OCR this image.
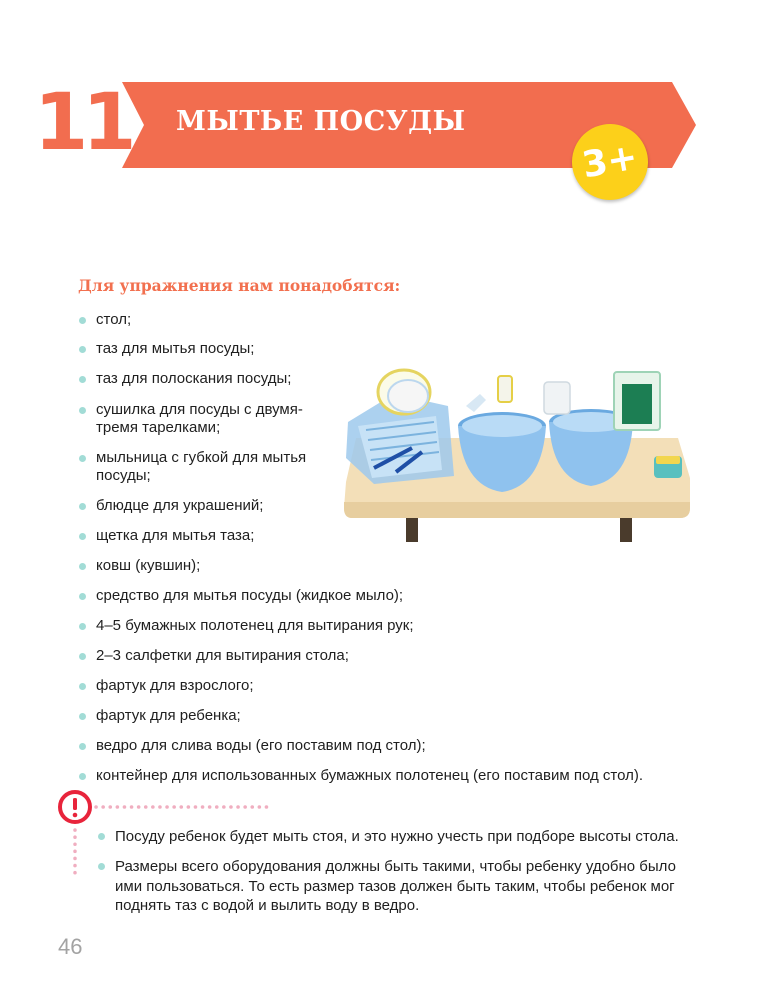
11 МЫТЬЕ ПОСУДЫ
3+
Для упражнения нам понадобятся:
стол;
таз для мытья посуды;
таз для полоскания посуды;
сушилка для посуды с двумя-
тремя тарелками;
мыльница с губкой для мытья
посуды;
блюдце для украшений;
щетка для мытья таза;
ковш (кувшин);
средство для мытья посуды (жидкое мыло);
4–5 бумажных полотенец для вытирания рук;
2–3 салфетки для вытирания стола;
фартук для взрослого;
фартук для ребенка;
ведро для слива воды (его поставим под стол);
контейнер для использованных бумажных полотенец (его поставим под стол).
Посуду ребенок будет мыть стоя, и это нужно учесть при подборе высоты стола.
Размеры всего оборудования должны быть такими, чтобы ребенку удобно было
ими пользоваться. То есть размер тазов должен быть таким, чтобы ребенок мог
поднять таз с водой и вылить воду в ведро.
46
